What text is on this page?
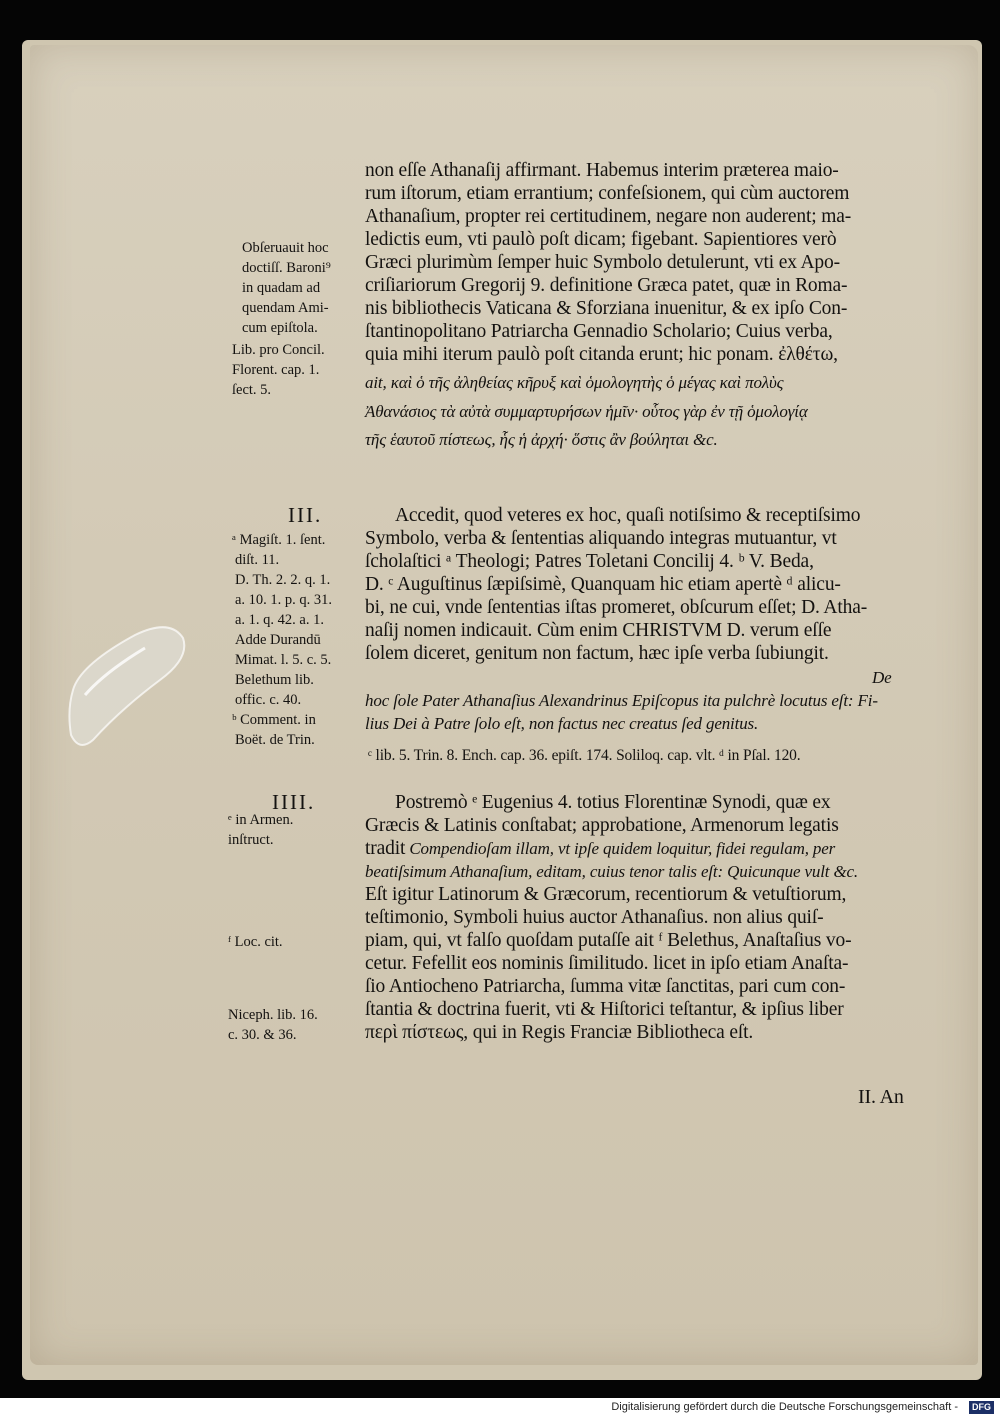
non eſſe Athanaſij affirmant. Habemus interim præterea maio-
rum iſtorum, etiam errantium; confeſsionem, qui cùm auctorem
Athanaſium, propter rei certitudinem, negare non auderent; ma-
ledictis eum, vti paulò poſt dicam; figebant. Sapientiores verò
Græci plurimùm ſemper huic Symbolo detulerunt, vti ex Apo-
criſiariorum Gregorij 9. definitione Græca patet, quæ in Roma-
nis bibliothecis Vaticana & Sforziana inuenitur, & ex ipſo Con-
ſtantinopolitano Patriarcha Gennadio Scholario; Cuius verba,
quia mihi iterum paulò poſt citanda erunt; hic ponam. ἐλθέτω,
ait, καὶ ὁ τῆς ἀληθείας κῆρυξ καὶ ὁμολογητὴς ὁ μέγας καὶ πολὺς
Ἀθανάσιος τὰ αὐτὰ συμμαρτυρήσων ἡμῖν· οὗτος γὰρ ἐν τῇ ὁμολογίᾳ
τῆς ἑαυτοῦ πίστεως, ἧς ἡ ἀρχή· ὅστις ἂν βούληται &c.
Accedit, quod veteres ex hoc, quaſi notiſsimo & receptiſsimo
Symbolo, verba & ſententias aliquando integras mutuantur, vt
ſcholaſtici ᵃ Theologi; Patres Toletani Concilij 4. ᵇ V. Beda,
D. ᶜ Auguſtinus ſæpiſsimè, Quanquam hic etiam apertè ᵈ alicu-
bi, ne cui, vnde ſententias iſtas promeret, obſcurum eſſet; D. Atha-
naſij nomen indicauit. Cùm enim CHRISTVM D. verum eſſe
ſolem diceret, genitum non factum, hæc ipſe verba ſubiungit.
De
hoc ſole Pater Athanaſius Alexandrinus Epiſcopus ita pulchrè locutus eſt: Fi-
lius Dei à Patre ſolo eſt, non factus nec creatus ſed genitus.
ᶜ lib. 5. Trin. 8. Ench. cap. 36. epiſt. 174. Soliloq. cap. vlt. ᵈ in Pſal. 120.
Postremò ᵉ Eugenius 4. totius Florentinæ Synodi, quæ ex
Græcis & Latinis conſtabat; approbatione, Armenorum legatis
tradit Compendioſam illam, vt ipſe quidem loquitur, fidei regulam, per
beatiſsimum Athanaſium, editam, cuius tenor talis eſt: Quicunque vult &c.
Eſt igitur Latinorum & Græcorum, recentiorum & vetuſtiorum,
teſtimonio, Symboli huius auctor Athanaſius. non alius quiſ-
piam, qui, vt falſo quoſdam putaſſe ait ᶠ Belethus, Anaſtaſius vo-
cetur. Fefellit eos nominis ſimilitudo. licet in ipſo etiam Anaſta-
ſio Antiocheno Patriarcha, ſumma vitæ ſanctitas, pari cum con-
ſtantia & doctrina fuerit, vti & Hiſtorici teſtantur, & ipſius liber
περὶ πίστεως, qui in Regis Franciæ Bibliotheca eſt.
II. An
III.
IIII.
Obſeruauit hoc
doctiſſ. Baroni⁹
in quadam ad
quendam Ami-
cum epiſtola.
Lib. pro Concil.
Florent. cap. 1.
ſect. 5.
ᵃ Magiſt. 1. ſent.
diſt. 11.
D. Th. 2. 2. q. 1.
a. 10. 1. p. q. 31.
a. 1. q. 42. a. 1.
Adde Durandū
Mimat. l. 5. c. 5.
Belethum lib.
offic. c. 40.
ᵇ Comment. in
Boët. de Trin.
ᵉ in Armen.
inſtruct.
ᶠ Loc. cit.
Niceph. lib. 16.
c. 30. & 36.
Digitalisierung gefördert durch die Deutsche Forschungsgemeinschaft -	DFG
